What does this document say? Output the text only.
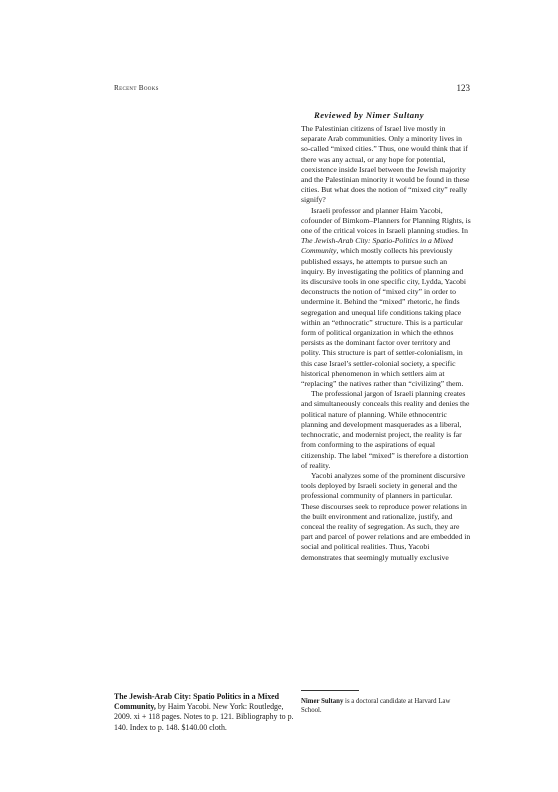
Recent Books	123
Reviewed by Nimer Sultany

The Palestinian citizens of Israel live mostly in separate Arab communities. Only a minority lives in so-called “mixed cities.” Thus, one would think that if there was any actual, or any hope for potential, coexistence inside Israel between the Jewish majority and the Palestinian minority it would be found in these cities. But what does the notion of “mixed city” really signify?

Israeli professor and planner Haim Yacobi, cofounder of Bimkom–Planners for Planning Rights, is one of the critical voices in Israeli planning studies. In The Jewish-Arab City: Spatio-Politics in a Mixed Community, which mostly collects his previously published essays, he attempts to pursue such an inquiry. By investigating the politics of planning and its discursive tools in one specific city, Lydda, Yacobi deconstructs the notion of “mixed city” in order to undermine it. Behind the “mixed” rhetoric, he finds segregation and unequal life conditions taking place within an “ethnocratic” structure. This is a particular form of political organization in which the ethnos persists as the dominant factor over territory and polity. This structure is part of settler-colonialism, in this case Israel’s settler-colonial society, a specific historical phenomenon in which settlers aim at “replacing” the natives rather than “civilizing” them.

The professional jargon of Israeli planning creates and simultaneously conceals this reality and denies the political nature of planning. While ethnocentric planning and development masquerades as a liberal, technocratic, and modernist project, the reality is far from conforming to the aspirations of equal citizenship. The label “mixed” is therefore a distortion of reality.

Yacobi analyzes some of the prominent discursive tools deployed by Israeli society in general and the professional community of planners in particular. These discourses seek to reproduce power relations in the built environment and rationalize, justify, and conceal the reality of segregation. As such, they are part and parcel of power relations and are embedded in social and political realities. Thus, Yacobi demonstrates that seemingly mutually exclusive

Nimer Sultany is a doctoral candidate at Harvard Law School.

The Jewish-Arab City: Spatio Politics in a Mixed Community, by Haim Yacobi. New York: Routledge, 2009. xi + 118 pages. Notes to p. 121. Bibliography to p. 140. Index to p. 148. $140.00 cloth.
